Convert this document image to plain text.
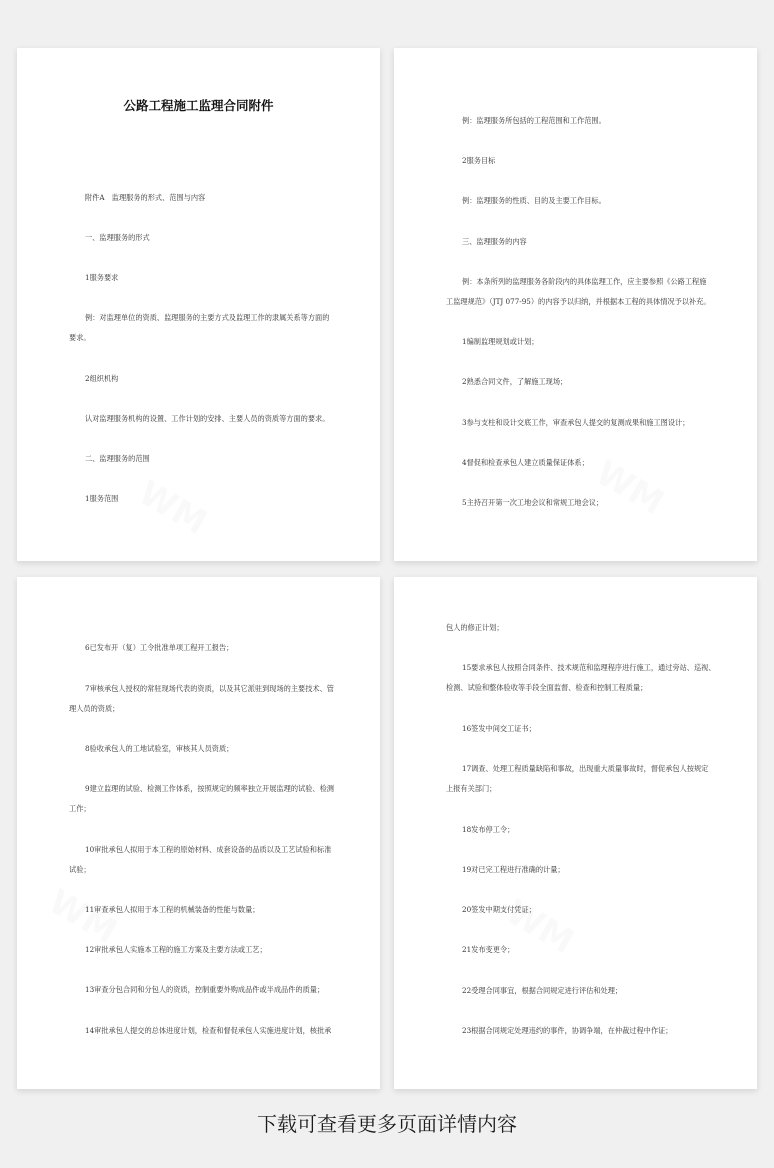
公路工程施工监理合同附件
附件A　监理服务的形式、范围与内容
一、监理服务的形式
1服务要求
例：对监理单位的资质、监理服务的主要方式及监理工作的隶属关系等方面的
要求。
2组织机构
认对监理服务机构的设置、工作计划的安排、主要人员的资质等方面的要求。
二、监理服务的范围
1服务范围
例：监理服务所包括的工程范围和工作范围。
2服务目标
例：监理服务的性质、目的及主要工作目标。
三、监理服务的内容
例：本条所列的监理服务各阶段内的具体监理工作，应主要参照《公路工程施
工监理规范》（JTJ 077-95）的内容予以归纳，并根据本工程的具体情况予以补充。
1编制监理规划或计划；
2熟悉合同文件，了解施工现场；
3参与支柱和设计交底工作，审查承包人提交的复测成果和施工图设计；
4督促和检查承包人建立质量保证体系；
5主持召开第一次工地会议和常规工地会议；
6已发布开（复）工令批准单项工程开工报告；
7审核承包人授权的常驻现场代表的资质，以及其它派驻到现场的主要技术、管
理人员的资质；
8验收承包人的工地试验室，审核其人员资质；
9建立监理的试验、检测工作体系，按照规定的频率独立开展监理的试验、检测
工作；
10审批承包人拟用于本工程的原始材料、成套设备的品质以及工艺试验和标准
试验；
11审查承包人拟用于本工程的机械装备的性能与数量；
12审批承包人实施本工程的施工方案及主要方法或工艺；
13审查分包合同和分包人的资质，控制重要外购成品件或半成品件的质量；
14审批承包人提交的总体进度计划，检查和督促承包人实施进度计划，核批承
包人的修正计划；
15要求承包人按照合同条件、技术规范和监理程序进行施工，通过旁站、巡视、
检测、试验和整体验收等手段全面监督、检查和控制工程质量；
16签发中间交工证书；
17调查、处理工程质量缺陷和事故，出现重大质量事故时，督促承包人按规定
上报有关部门；
18发布停工令；
19对已完工程进行准确的计量；
20签发中期支付凭证；
21发布变更令；
22受理合同事宜，根据合同规定进行评估和处理；
23根据合同规定处理违约的事件，协调争端，在仲裁过程中作证；
下载可查看更多页面详情内容
